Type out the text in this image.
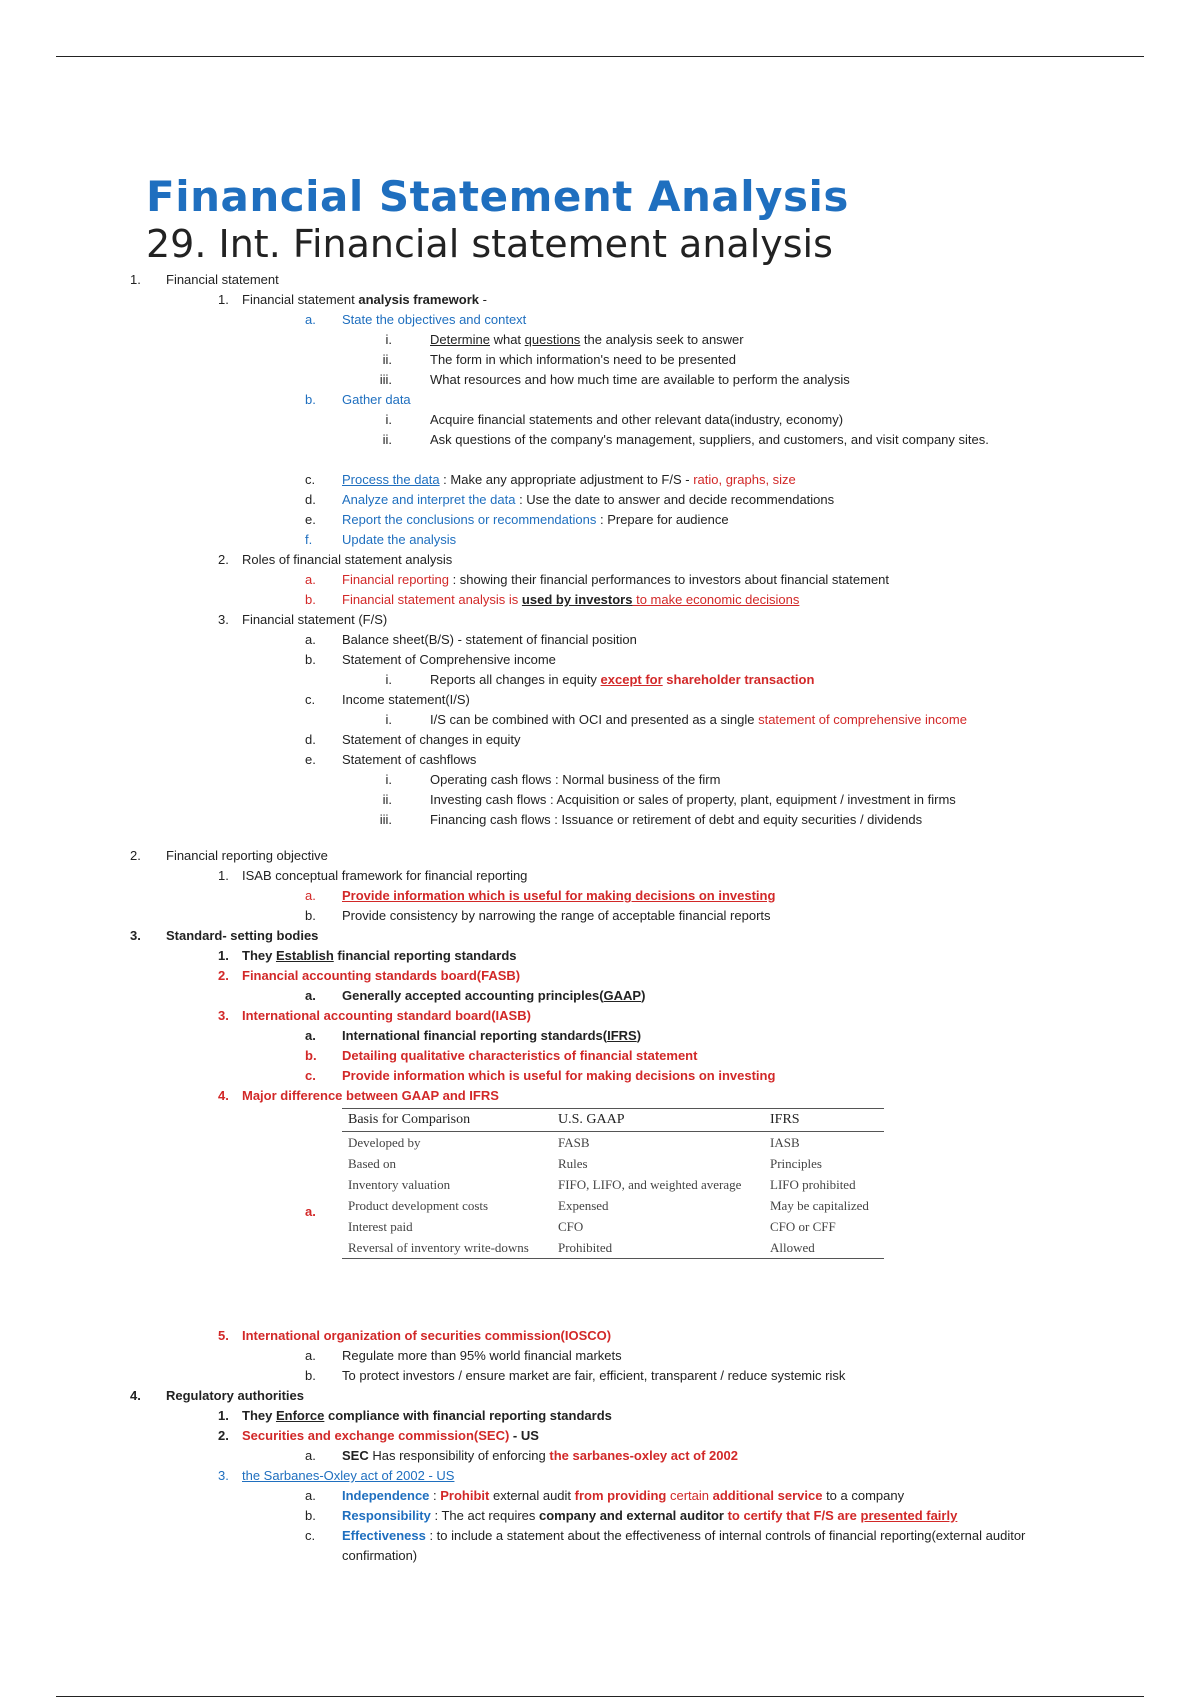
Financial Statement Analysis
29. Int. Financial statement analysis
1. Financial statement
1. Financial statement analysis framework -
a. State the objectives and context
i.	Determine what questions the analysis seek to answer
ii.	The form in which information's need to be presented
iii.	What resources and how much time are available to perform the analysis
b. Gather data
i.	Acquire financial statements and other relevant data(industry, economy)
ii.	Ask questions of the company's management, suppliers, and customers, and visit company sites.
c. Process the data : Make any appropriate adjustment to F/S - ratio, graphs, size
d. Analyze and interpret the data : Use the date to answer and decide recommendations
e. Report the conclusions or recommendations : Prepare for audience
f. Update the analysis
2. Roles of financial statement analysis
a. Financial reporting : showing their financial performances to investors about financial statement
b. Financial statement analysis is used by investors to make economic decisions
3. Financial statement (F/S)
a. Balance sheet(B/S) - statement of financial position
b. Statement of Comprehensive income
i.	Reports all changes in equity except for shareholder transaction
c. Income statement(I/S)
i.	I/S can be combined with OCI and presented as a single statement of comprehensive income
d. Statement of changes in equity
e. Statement of cashflows
i.	Operating cash flows : Normal business of the firm
ii.	Investing cash flows : Acquisition or sales of property, plant, equipment / investment in firms
iii.	Financing cash flows : Issuance or retirement of debt and equity securities / dividends
2. Financial reporting objective
1. ISAB conceptual framework for financial reporting
a. Provide information which is useful for making decisions on investing
b. Provide consistency by narrowing the range of acceptable financial reports
3. Standard- setting bodies
1. They Establish financial reporting standards
2. Financial accounting standards board(FASB)
a. Generally accepted accounting principles(GAAP)
3. International accounting standard board(IASB)
a. International financial reporting standards(IFRS)
b. Detailing qualitative characteristics of financial statement
c. Provide information which is useful for making decisions on investing
4. Major difference between GAAP and IFRS
a.
Basis for Comparison	U.S. GAAP	IFRS
Developed by	FASB	IASB
Based on	Rules	Principles
Inventory valuation	FIFO, LIFO, and weighted average	LIFO prohibited
Product development costs	Expensed	May be capitalized
Interest paid	CFO	CFO or CFF
Reversal of inventory write-downs	Prohibited	Allowed
5. International organization of securities commission(IOSCO)
a. Regulate more than 95% world financial markets
b. To protect investors / ensure market are fair, efficient, transparent / reduce systemic risk
4. Regulatory authorities
1. They Enforce compliance with financial reporting standards
2. Securities and exchange commission(SEC) - US
a. SEC Has responsibility of enforcing the sarbanes-oxley act of 2002
3. the Sarbanes-Oxley act of 2002 - US
a. Independence : Prohibit external audit from providing certain additional service to a company
b. Responsibility : The act requires company and external auditor to certify that F/S are presented fairly
c. Effectiveness : to include a statement about the effectiveness of internal controls of financial reporting(external auditor confirmation)
